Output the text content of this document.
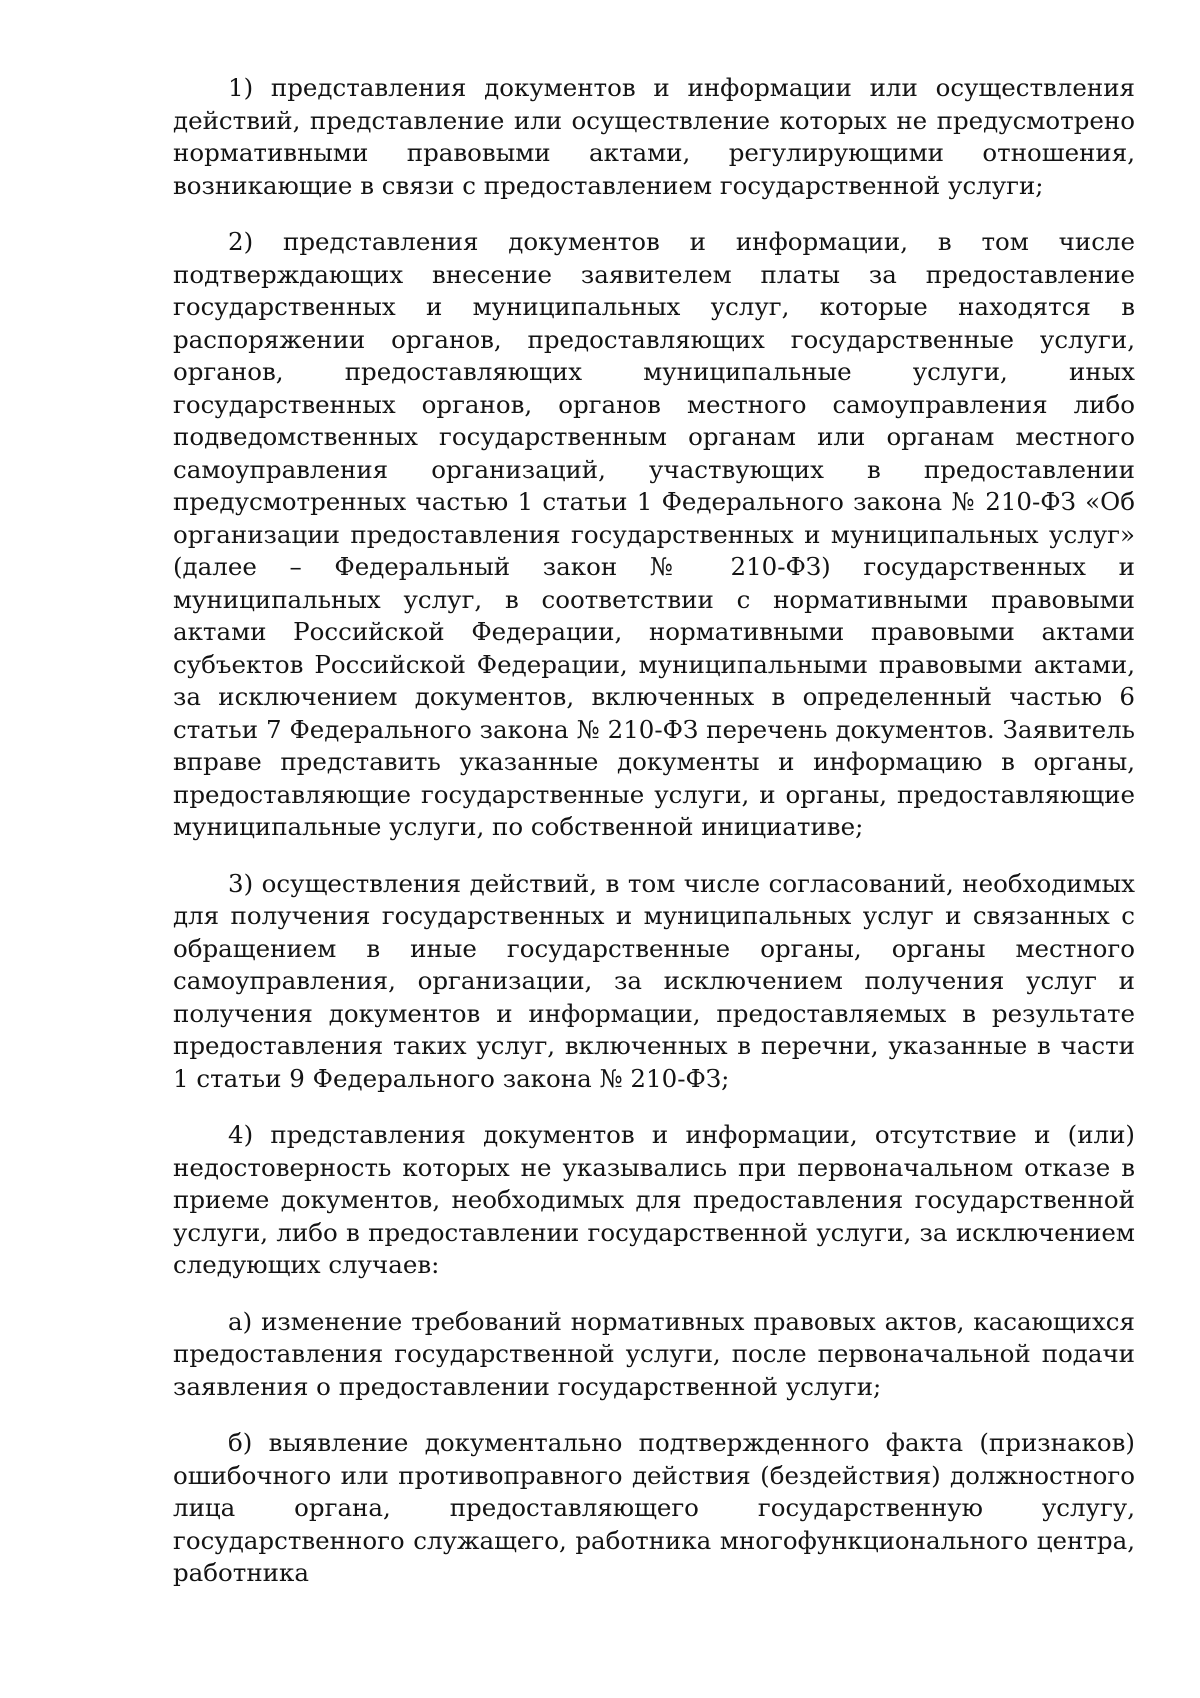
1) представления документов и информации или осуществления действий, представление или осуществление которых не предусмотрено нормативными правовыми актами, регулирующими отношения, возникающие в связи с предоставлением государственной услуги;

2) представления документов и информации, в том числе подтверждающих внесение заявителем платы за предоставление государственных и муниципальных услуг, которые находятся в распоряжении органов, предоставляющих государственные услуги, органов, предоставляющих муниципальные услуги, иных государственных органов, органов местного самоуправления либо подведомственных государственным органам или органам местного самоуправления организаций, участвующих в предоставлении предусмотренных частью 1 статьи 1 Федерального закона № 210-ФЗ «Об организации предоставления государственных и муниципальных услуг» (далее – Федеральный закон № 210-ФЗ) государственных и муниципальных услуг, в соответствии с нормативными правовыми актами Российской Федерации, нормативными правовыми актами субъектов Российской Федерации, муниципальными правовыми актами, за исключением документов, включенных в определенный частью 6 статьи 7 Федерального закона № 210-ФЗ перечень документов. Заявитель вправе представить указанные документы и информацию в органы, предоставляющие государственные услуги, и органы, предоставляющие муниципальные услуги, по собственной инициативе;

3) осуществления действий, в том числе согласований, необходимых для получения государственных и муниципальных услуг и связанных с обращением в иные государственные органы, органы местного самоуправления, организации, за исключением получения услуг и получения документов и информации, предоставляемых в результате предоставления таких услуг, включенных в перечни, указанные в части 1 статьи 9 Федерального закона № 210-ФЗ;

4) представления документов и информации, отсутствие и (или) недостоверность которых не указывались при первоначальном отказе в приеме документов, необходимых для предоставления государственной услуги, либо в предоставлении государственной услуги, за исключением следующих случаев:

а) изменение требований нормативных правовых актов, касающихся предоставления государственной услуги, после первоначальной подачи заявления о предоставлении государственной услуги;

б) выявление документально подтвержденного факта (признаков) ошибочного или противоправного действия (бездействия) должностного лица органа, предоставляющего государственную услугу, государственного служащего, работника многофункционального центра, работника
